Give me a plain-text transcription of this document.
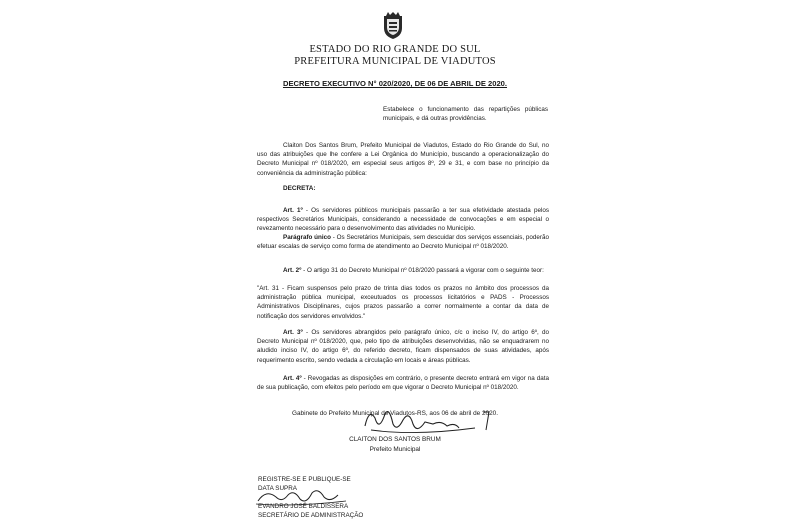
ESTADO DO RIO GRANDE DO SUL
PREFEITURA MUNICIPAL DE VIADUTOS
DECRETO EXECUTIVO N° 020/2020, DE 06 DE ABRIL DE 2020.
Estabelece o funcionamento das repartições públicas municipais, e dá outras providências.
Claiton Dos Santos Brum, Prefeito Municipal de Viadutos, Estado do Rio Grande do Sul, no uso das atribuições que lhe confere a Lei Orgânica do Município, buscando a operacionalização do Decreto Municipal nº 018/2020, em especial seus artigos 8º, 29 e 31, e com base no princípio da conveniência da administração pública:
DECRETA:
Art. 1º - Os servidores públicos municipais passarão a ter sua efetividade atestada pelos respectivos Secretários Municipais, considerando a necessidade de convocações e em especial o revezamento necessário para o desenvolvimento das atividades no Município.
Parágrafo único - Os Secretários Municipais, sem descuidar dos serviços essenciais, poderão efetuar escalas de serviço como forma de atendimento ao Decreto Municipal nº 018/2020.
Art. 2º - O artigo 31 do Decreto Municipal nº 018/2020 passará a vigorar com o seguinte teor:
"Art. 31 - Ficam suspensos pelo prazo de trinta dias todos os prazos no âmbito dos processos da administração pública municipal, exceutuados os processos licitatórios e PADS - Processos Administrativos Disciplinares, cujos prazos passarão a correr normalmente a contar da data de notificação dos servidores envolvidos."
Art. 3º - Os servidores abrangidos pelo parágrafo único, c/c o inciso IV, do artigo 6º, do Decreto Municipal nº 018/2020, que, pelo tipo de atribuições desenvolvidas, não se enquadrarem no aludido inciso IV, do artigo 6º, do referido decreto, ficam dispensados de suas atividades, após requerimento escrito, sendo vedada a circulação em locais e áreas públicas.
Art. 4º - Revogadas as disposições em contrário, o presente decreto entrará em vigor na data de sua publicação, com efeitos pelo período em que vigorar o Decreto Municipal nº 018/2020.
Gabinete do Prefeito Municipal de Viadutos-RS, aos 06 de abril de 2020.
CLAITON DOS SANTOS BRUM
Prefeito Municipal
REGISTRE-SE E PUBLIQUE-SE
DATA SUPRA
EVANDRO JOSÉ BALDISSERA
SECRETÁRIO DE ADMINISTRAÇÃO
